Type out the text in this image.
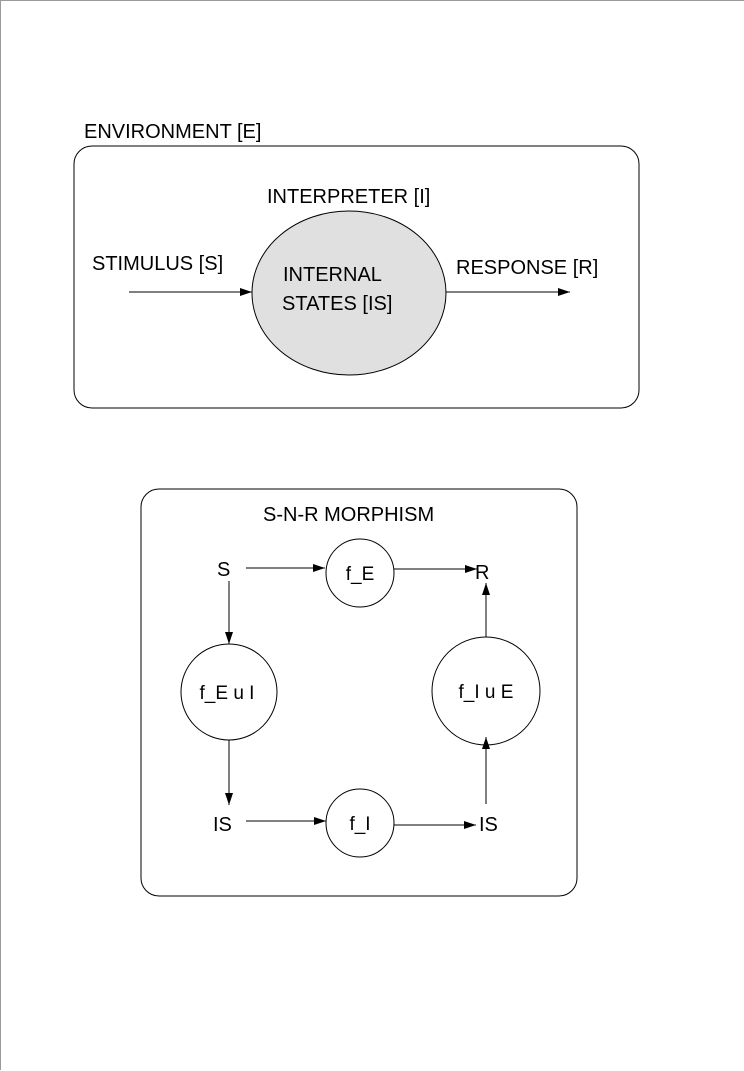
ENVIRONMENT [E]
INTERPRETER [I]
INTERNAL
STATES [IS]
STIMULUS [S]	RESPONSE [R]
S-N-R MORPHISM
S	R
IS	IS
f_E
f_E u I	f_I u E
f_I
